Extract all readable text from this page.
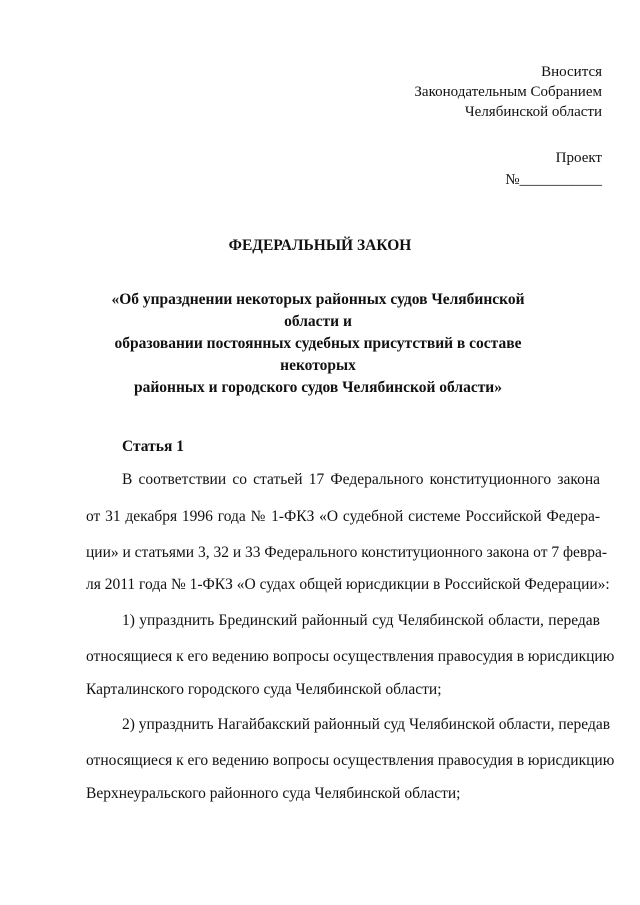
Вносится
Законодательным Собранием
Челябинской области
Проект
№___________
ФЕДЕРАЛЬНЫЙ ЗАКОН
«Об упразднении некоторых районных судов Челябинской области и
образовании постоянных судебных присутствий в составе некоторых
районных и городского судов Челябинской области»
Статья 1
В соответствии со статьей 17 Федерального конституционного закона
от 31 декабря 1996 года № 1-ФКЗ «О судебной системе Российской Федера-
ции» и статьями 3, 32 и 33 Федерального конституционного закона от 7 февра-
ля 2011 года № 1-ФКЗ «О судах общей юрисдикции в Российской Федерации»:
1) упразднить Брединский районный суд Челябинской области, передав
относящиеся к его ведению вопросы осуществления правосудия в юрисдикцию
Карталинского городского суда Челябинской области;
2) упразднить Нагайбакский районный суд Челябинской области, передав
относящиеся к его ведению вопросы осуществления правосудия в юрисдикцию
Верхнеуральского районного суда Челябинской области;
